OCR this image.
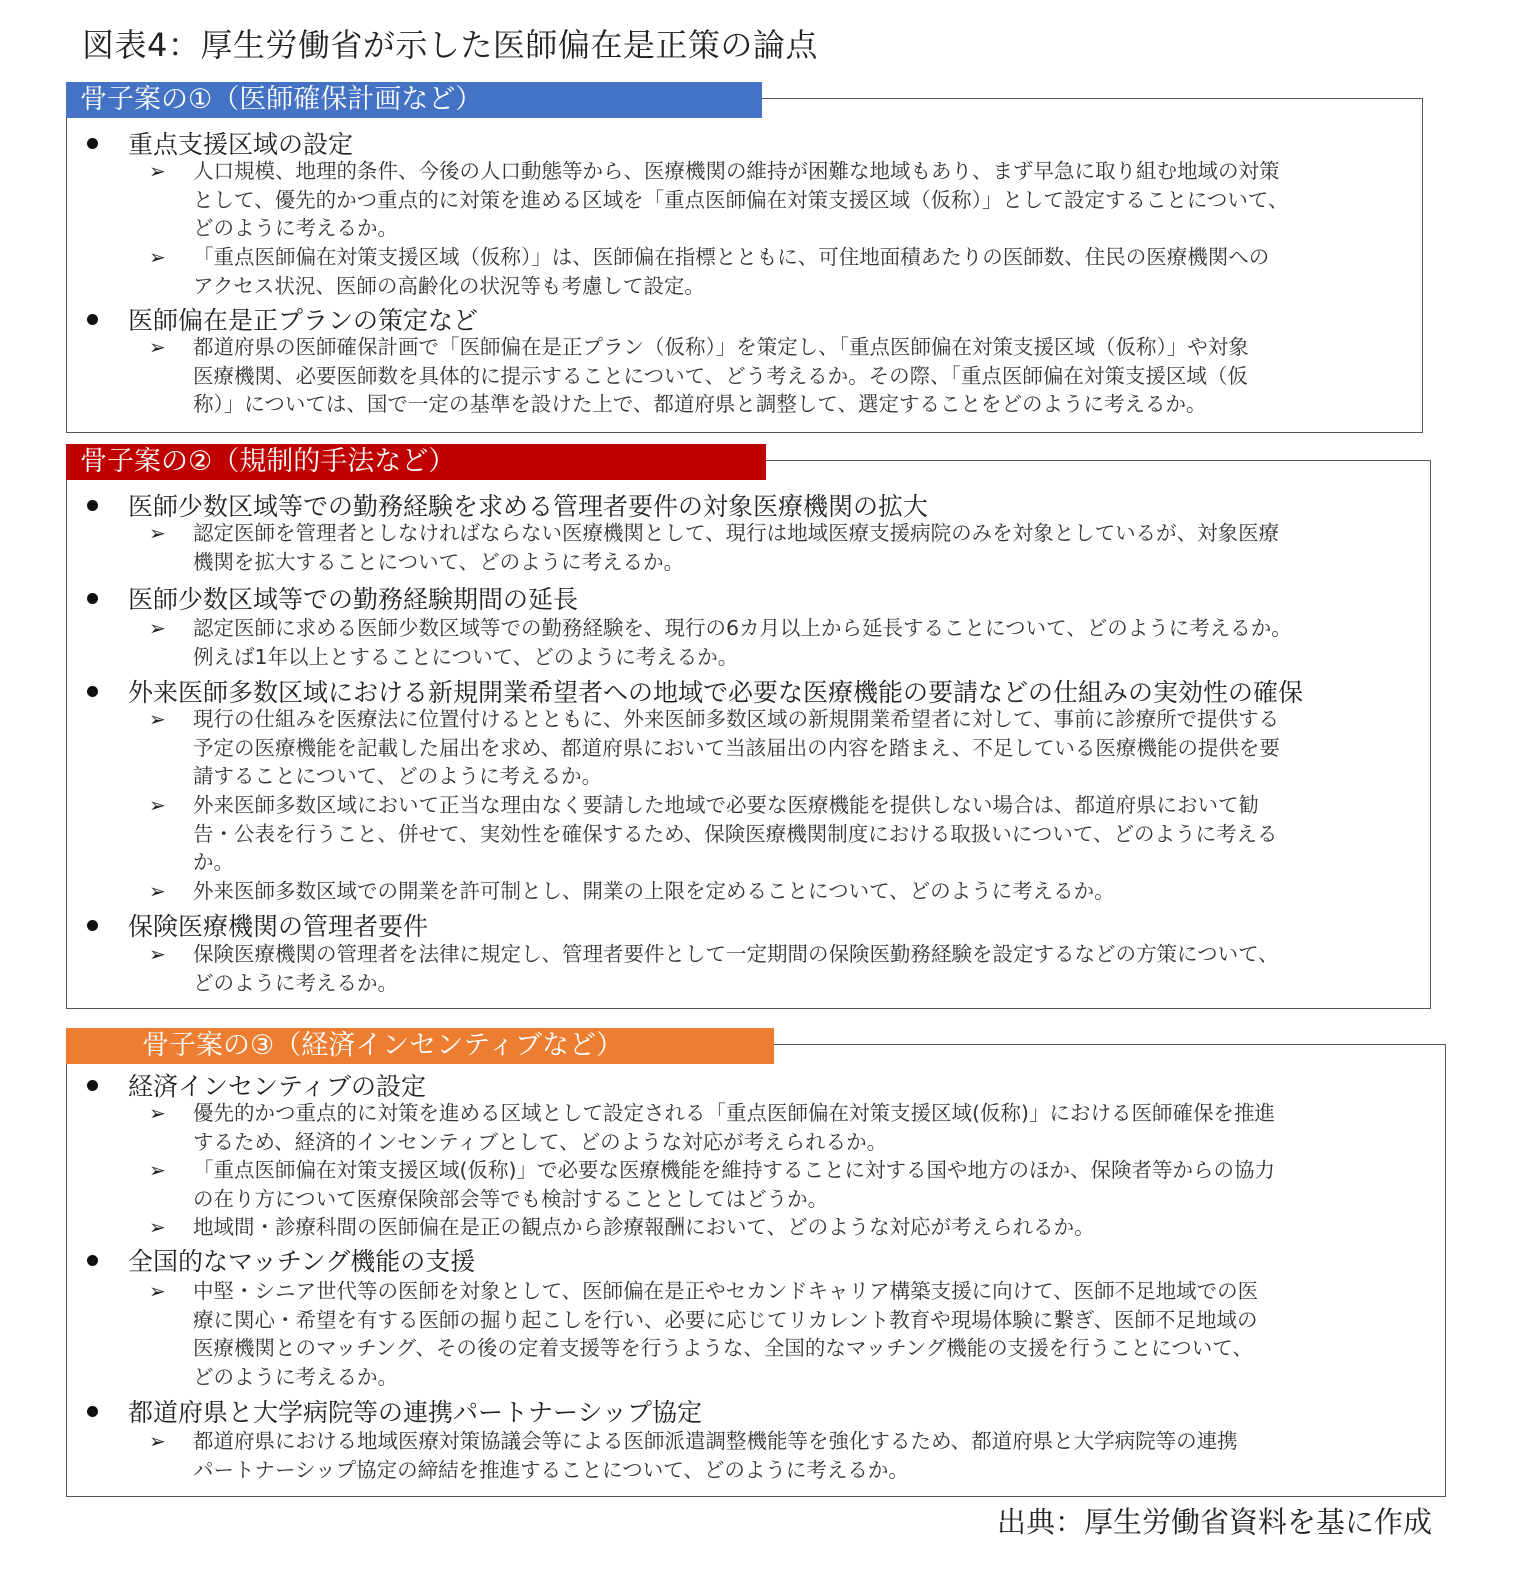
図表4：厚生労働省が示した医師偏在是正策の論点
骨子案の①（医師確保計画など）
重点支援区域の設定
➢ 人口規模、地理的条件、今後の人口動態等から、医療機関の維持が困難な地域もあり、まず早急に取り組む地域の対策
として、優先的かつ重点的に対策を進める区域を「重点医師偏在対策支援区域（仮称）」として設定することについて、
どのように考えるか。
➢ 「重点医師偏在対策支援区域（仮称）」は、医師偏在指標とともに、可住地面積あたりの医師数、住民の医療機関への
アクセス状況、医師の高齢化の状況等も考慮して設定。
医師偏在是正プランの策定など
➢ 都道府県の医師確保計画で「医師偏在是正プラン（仮称）」を策定し、「重点医師偏在対策支援区域（仮称）」や対象
医療機関、必要医師数を具体的に提示することについて、どう考えるか。その際、「重点医師偏在対策支援区域（仮
称）」については、国で一定の基準を設けた上で、都道府県と調整して、選定することをどのように考えるか。
骨子案の②（規制的手法など）
医師少数区域等での勤務経験を求める管理者要件の対象医療機関の拡大
➢ 認定医師を管理者としなければならない医療機関として、現行は地域医療支援病院のみを対象としているが、対象医療
機関を拡大することについて、どのように考えるか。
医師少数区域等での勤務経験期間の延長
➢ 認定医師に求める医師少数区域等での勤務経験を、現行の6カ月以上から延長することについて、どのように考えるか。
例えば1年以上とすることについて、どのように考えるか。
外来医師多数区域における新規開業希望者への地域で必要な医療機能の要請などの仕組みの実効性の確保
➢ 現行の仕組みを医療法に位置付けるとともに、外来医師多数区域の新規開業希望者に対して、事前に診療所で提供する
予定の医療機能を記載した届出を求め、都道府県において当該届出の内容を踏まえ、不足している医療機能の提供を要
請することについて、どのように考えるか。
➢ 外来医師多数区域において正当な理由なく要請した地域で必要な医療機能を提供しない場合は、都道府県において勧
告・公表を行うこと、併せて、実効性を確保するため、保険医療機関制度における取扱いについて、どのように考える
か。
➢ 外来医師多数区域での開業を許可制とし、開業の上限を定めることについて、どのように考えるか。
保険医療機関の管理者要件
➢ 保険医療機関の管理者を法律に規定し、管理者要件として一定期間の保険医勤務経験を設定するなどの方策について、
どのように考えるか。
骨子案の③（経済インセンティブなど）
経済インセンティブの設定
➢ 優先的かつ重点的に対策を進める区域として設定される「重点医師偏在対策支援区域(仮称)」における医師確保を推進
するため、経済的インセンティブとして、どのような対応が考えられるか。
➢ 「重点医師偏在対策支援区域(仮称)」で必要な医療機能を維持することに対する国や地方のほか、保険者等からの協力
の在り方について医療保険部会等でも検討することとしてはどうか。
➢ 地域間・診療科間の医師偏在是正の観点から診療報酬において、どのような対応が考えられるか。
全国的なマッチング機能の支援
➢ 中堅・シニア世代等の医師を対象として、医師偏在是正やセカンドキャリア構築支援に向けて、医師不足地域での医
療に関心・希望を有する医師の掘り起こしを行い、必要に応じてリカレント教育や現場体験に繋ぎ、医師不足地域の
医療機関とのマッチング、その後の定着支援等を行うような、全国的なマッチング機能の支援を行うことについて、
どのように考えるか。
都道府県と大学病院等の連携パートナーシップ協定
➢ 都道府県における地域医療対策協議会等による医師派遣調整機能等を強化するため、都道府県と大学病院等の連携
パートナーシップ協定の締結を推進することについて、どのように考えるか。
出典：厚生労働省資料を基に作成
